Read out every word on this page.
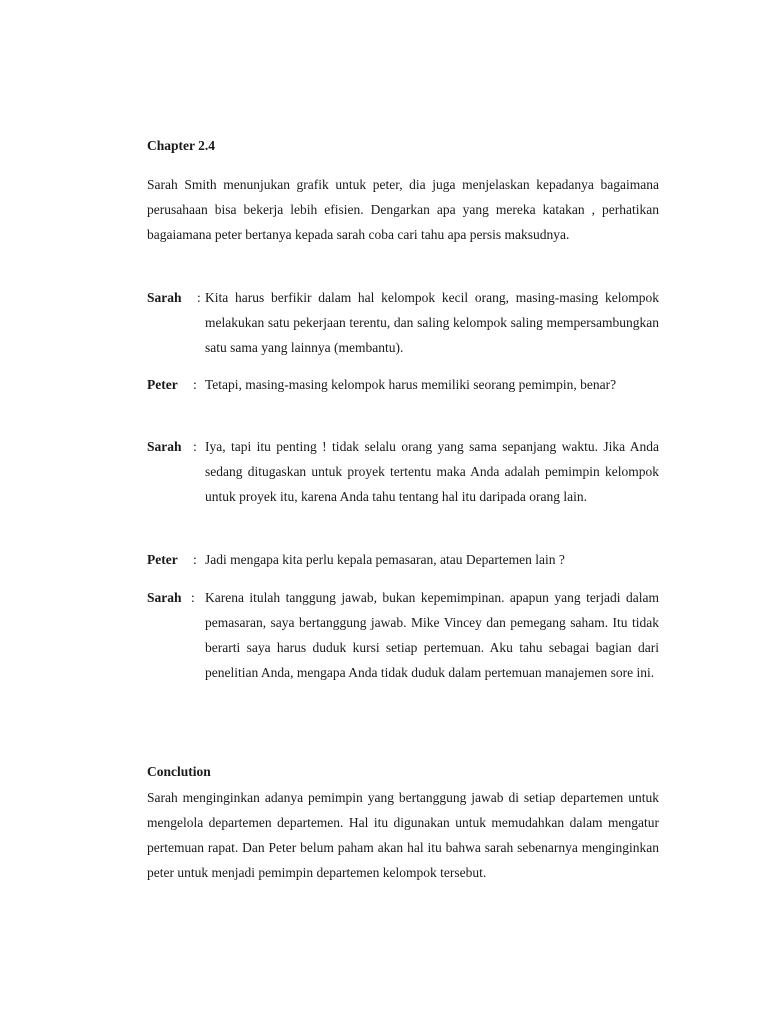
Chapter 2.4

Sarah Smith menunjukan grafik untuk peter, dia juga menjelaskan kepadanya bagaimana perusahaan bisa bekerja lebih efisien. Dengarkan apa yang mereka katakan , perhatikan bagaiamana peter bertanya kepada sarah coba cari tahu apa persis maksudnya.

Sarah : Kita harus berfikir dalam hal kelompok kecil orang, masing-masing kelompok melakukan satu pekerjaan terentu, dan saling kelompok saling mempersambungkan satu sama yang lainnya (membantu).

Peter : Tetapi, masing-masing kelompok harus memiliki seorang pemimpin, benar?

Sarah : Iya, tapi itu penting ! tidak selalu orang yang sama sepanjang waktu. Jika Anda sedang ditugaskan untuk proyek tertentu maka Anda adalah pemimpin kelompok untuk proyek itu, karena Anda tahu tentang hal itu daripada orang lain.

Peter : Jadi mengapa kita perlu kepala pemasaran, atau Departemen lain ?

Sarah : Karena itulah tanggung jawab, bukan kepemimpinan. apapun yang terjadi dalam pemasaran, saya bertanggung jawab. Mike Vincey dan pemegang saham. Itu tidak berarti saya harus duduk kursi setiap pertemuan. Aku tahu sebagai bagian dari penelitian Anda, mengapa Anda tidak duduk dalam pertemuan manajemen sore ini.

Conclution

Sarah menginginkan adanya pemimpin yang bertanggung jawab di setiap departemen untuk mengelola departemen departemen. Hal itu digunakan untuk memudahkan dalam mengatur pertemuan rapat. Dan Peter belum paham akan hal itu bahwa sarah sebenarnya menginginkan peter untuk menjadi pemimpin departemen kelompok tersebut.
